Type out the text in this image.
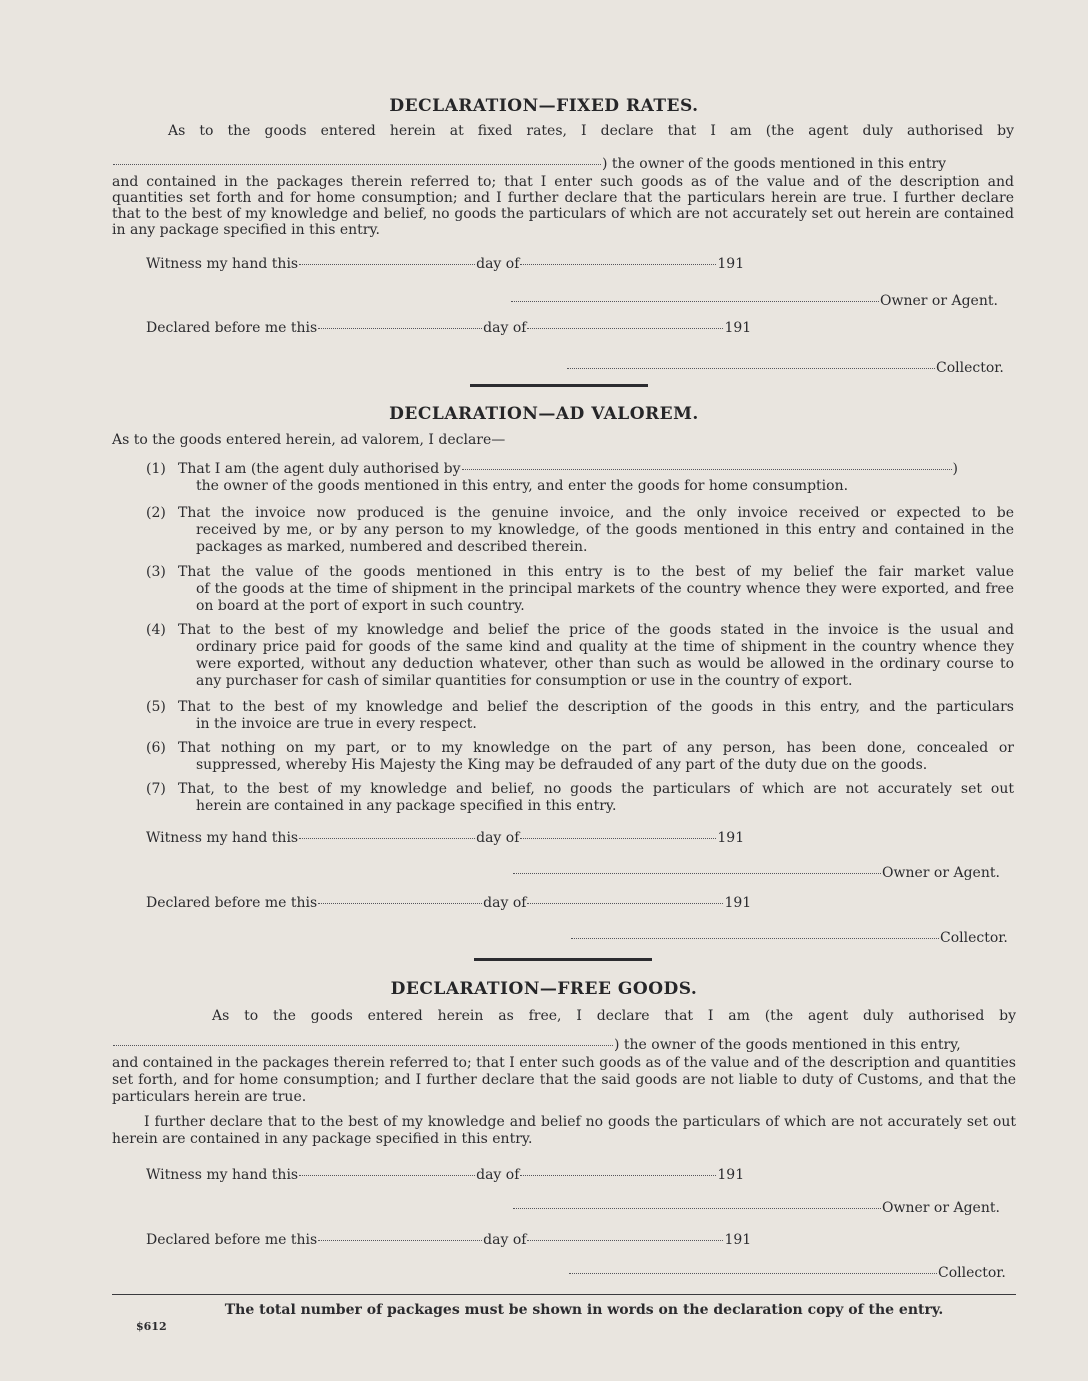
DECLARATION—FIXED RATES.
As to the goods entered herein at fixed rates, I declare that I am (the agent duly authorised by
) the owner of the goods mentioned in this entry
and contained in the packages therein referred to; that I enter such goods as of the value and of the description and quantities set forth and for home consumption; and I further declare that the particulars herein are true. I further declare that to the best of my knowledge and belief, no goods the particulars of which are not accurately set out herein are contained in any package specified in this entry.
Witness my hand this	day of	191
Owner or Agent.
Declared before me this	day of	191
Collector.
DECLARATION—AD VALOREM.
As to the goods entered herein, ad valorem, I declare—
(1) That I am (the agent duly authorised by	)
the owner of the goods mentioned in this entry, and enter the goods for home consumption.
(2) That the invoice now produced is the genuine invoice, and the only invoice received or expected to be
received by me, or by any person to my knowledge, of the goods mentioned in this entry and contained in the packages as marked, numbered and described therein.
(3) That the value of the goods mentioned in this entry is to the best of my belief the fair market value
of the goods at the time of shipment in the principal markets of the country whence they were exported, and free on board at the port of export in such country.
(4) That to the best of my knowledge and belief the price of the goods stated in the invoice is the usual and
ordinary price paid for goods of the same kind and quality at the time of shipment in the country whence they were exported, without any deduction whatever, other than such as would be allowed in the ordinary course to any purchaser for cash of similar quantities for consumption or use in the country of export.
(5) That to the best of my knowledge and belief the description of the goods in this entry, and the particulars
in the invoice are true in every respect.
(6) That nothing on my part, or to my knowledge on the part of any person, has been done, concealed or
suppressed, whereby His Majesty the King may be defrauded of any part of the duty due on the goods.
(7) That, to the best of my knowledge and belief, no goods the particulars of which are not accurately set out
herein are contained in any package specified in this entry.
Witness my hand this	day of	191
Owner or Agent.
Declared before me this	day of	191
Collector.
DECLARATION—FREE GOODS.
As to the goods entered herein as free, I declare that I am (the agent duly authorised by
) the owner of the goods mentioned in this entry,
and contained in the packages therein referred to; that I enter such goods as of the value and of the description and quantities set forth, and for home consumption; and I further declare that the said goods are not liable to duty of Customs, and that the particulars herein are true.
I further declare that to the best of my knowledge and belief no goods the particulars of which are not accurately set out herein are contained in any package specified in this entry.
Witness my hand this	day of	191
Owner or Agent.
Declared before me this	day of	191
Collector.
The total number of packages must be shown in words on the declaration copy of the entry.
$612
